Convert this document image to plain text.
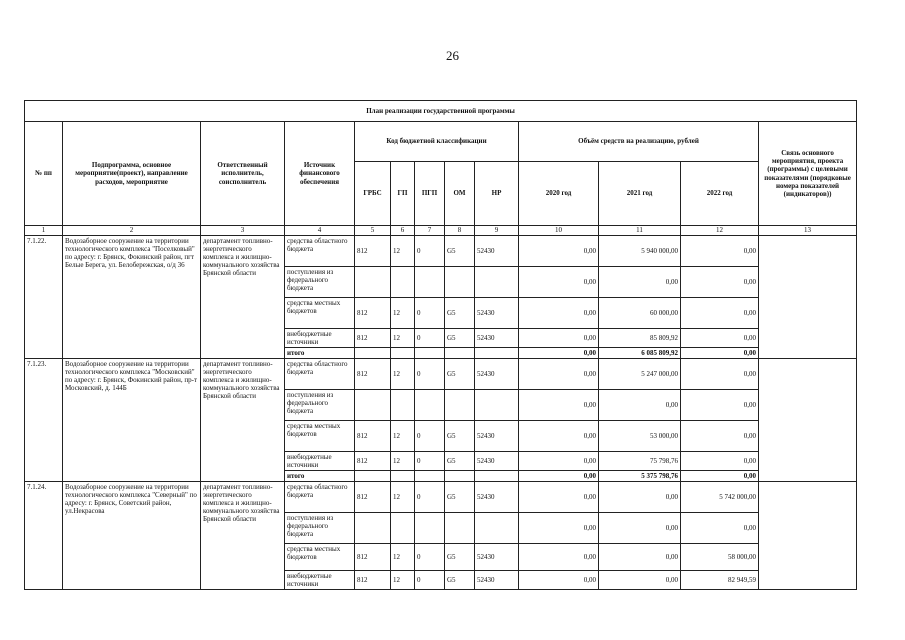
26
План реализации государственной программы												
№ пп	Подпрограмма, основное мероприятие(проект), направление расходов, мероприятие	Ответственный исполнитель, соисполнитель	Источник финансового обеспечения	Код бюджетной классификации					Объём средств на реализацию, рублей			Связь основного мероприятия, проекта (программы) с целевыми показателями (порядковые номера показателей (индикаторов))
				ГРБС	ГП	ПГП	ОМ	НР	2020 год	2021 год	2022 год	
1	2	3	4	5	6	7	8	9	10	11	12	13
7.1.22.	Водозаборное сооружение на территории технологического комплекса "Поселковый" по адресу: г. Брянск, Фокинский район, пгт Белые Берега, ул. Белобережская, о/д 36	департамент топливно-энергетического комплекса и жилищно-коммунального хозяйства Брянской области	средства областного бюджета	812	12	0	G5	52430	0,00	5 940 000,00	0,00	
			поступления из федерального бюджета						0,00	0,00	0,00	
			средства местных бюджетов	812	12	0	G5	52430	0,00	60 000,00	0,00	
			внебюджетные источники	812	12	0	G5	52430	0,00	85 809,92	0,00	
			итого						0,00	6 085 809,92	0,00	
7.1.23.	Водозаборное сооружение на территории технологического комплекса "Московский" по адресу: г. Брянск, Фокинский район, пр-т Московский, д. 144Б	департамент топливно-энергетического комплекса и жилищно-коммунального хозяйства Брянской области	средства областного бюджета	812	12	0	G5	52430	0,00	5 247 000,00	0,00	
			поступления из федерального бюджета						0,00	0,00	0,00	
			средства местных бюджетов	812	12	0	G5	52430	0,00	53 000,00	0,00	
			внебюджетные источники	812	12	0	G5	52430	0,00	75 798,76	0,00	
			итого						0,00	5 375 798,76	0,00	
7.1.24.	Водозаборное сооружение на территории технологического комплекса "Северный" по адресу: г. Брянск, Советский район, ул.Некрасова	департамент топливно-энергетического комплекса и жилищно-коммунального хозяйства Брянской области	средства областного бюджета	812	12	0	G5	52430	0,00	0,00	5 742 000,00	
			поступления из федерального бюджета						0,00	0,00	0,00	
			средства местных бюджетов	812	12	0	G5	52430	0,00	0,00	58 000,00	
			внебюджетные источники	812	12	0	G5	52430	0,00	0,00	82 949,59	
